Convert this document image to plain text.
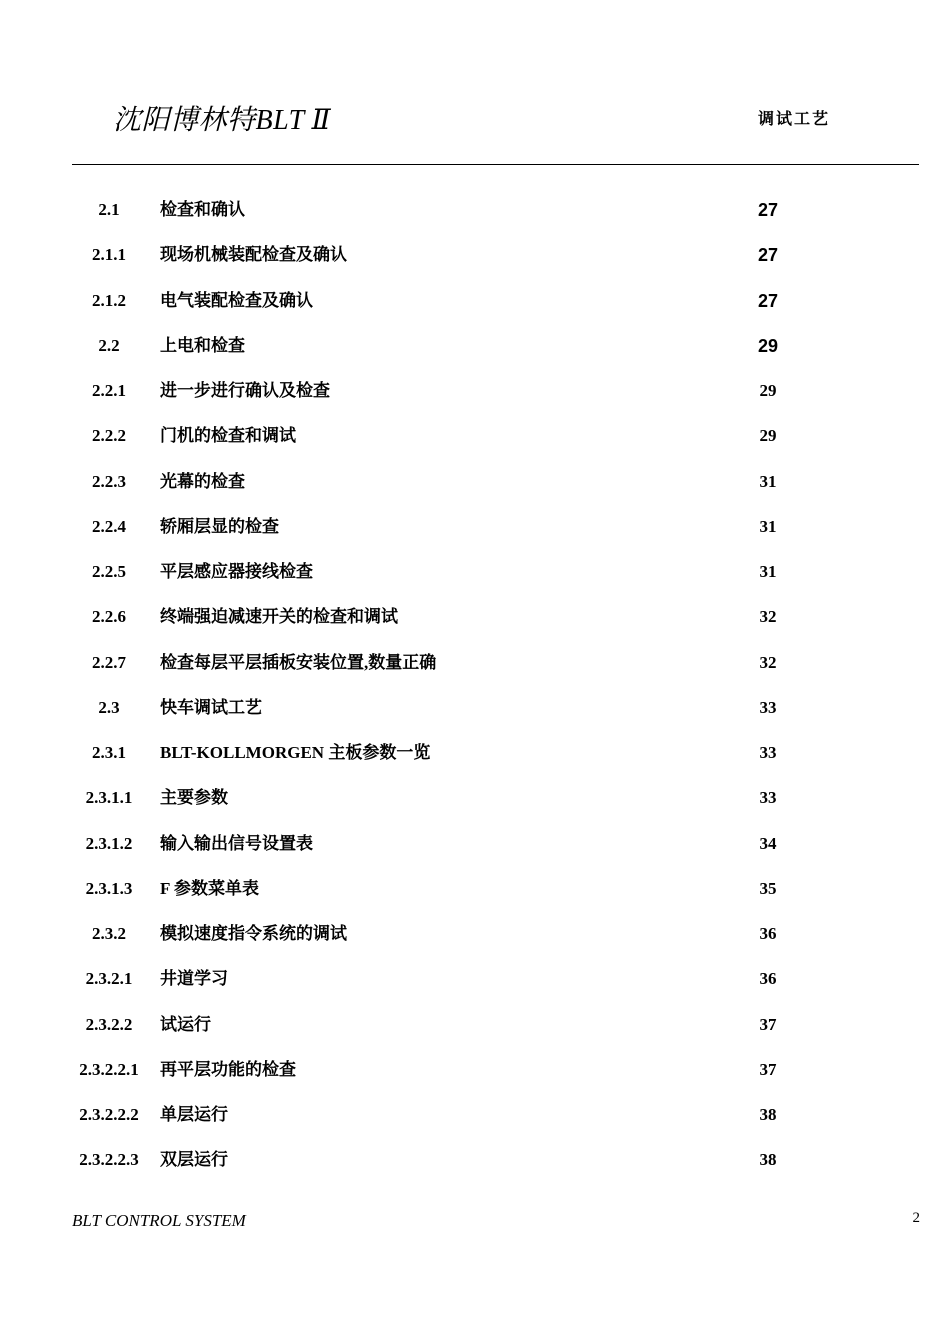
沈阳博林特BLT Ⅱ	调试工艺
2.1	检查和确认	27
2.1.1	现场机械装配检查及确认	27
2.1.2	电气装配检查及确认	27
2.2	上电和检查	29
2.2.1	进一步进行确认及检查	29
2.2.2	门机的检查和调试	29
2.2.3	光幕的检查	31
2.2.4	轿厢层显的检查	31
2.2.5	平层感应器接线检查	31
2.2.6	终端强迫减速开关的检查和调试	32
2.2.7	检查每层平层插板安装位置,数量正确	32
2.3	快车调试工艺	33
2.3.1	BLT-KOLLMORGEN 主板参数一览	33
2.3.1.1	主要参数	33
2.3.1.2	输入输出信号设置表	34
2.3.1.3	F 参数菜单表	35
2.3.2	模拟速度指令系统的调试	36
2.3.2.1	井道学习	36
2.3.2.2	试运行	37
2.3.2.2.1	再平层功能的检查	37
2.3.2.2.2	单层运行	38
2.3.2.2.3	双层运行	38
BLT CONTROL SYSTEM	2
